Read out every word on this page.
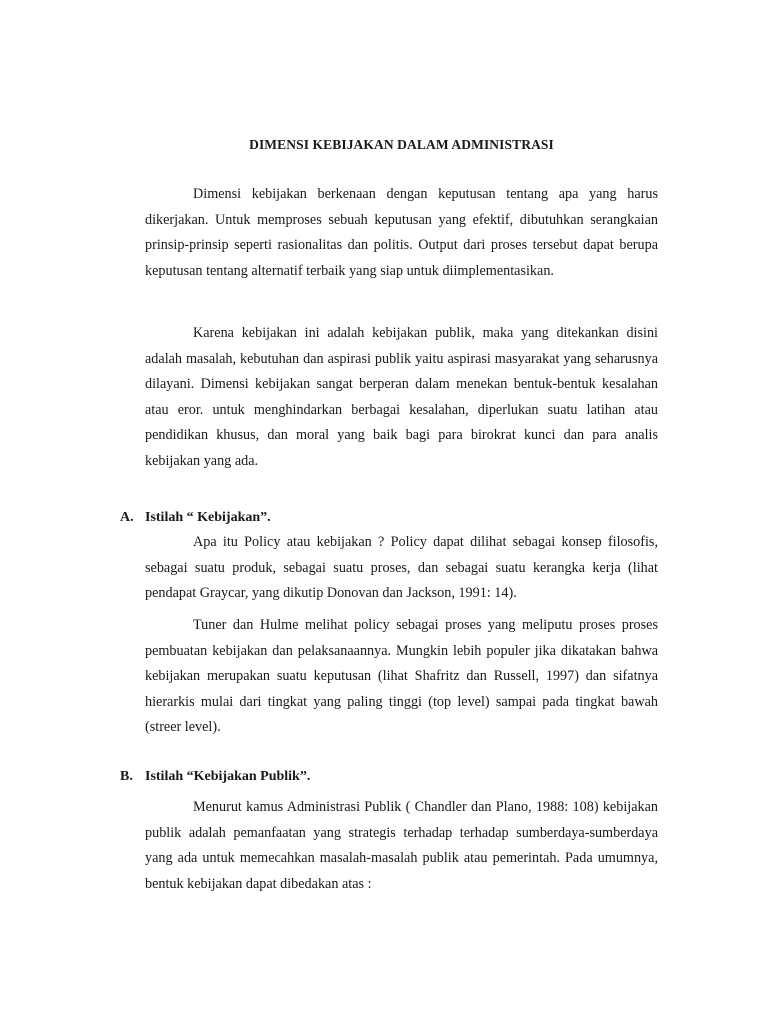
DIMENSI KEBIJAKAN DALAM ADMINISTRASI

Dimensi kebijakan berkenaan dengan keputusan tentang apa yang harus dikerjakan. Untuk memproses sebuah keputusan yang efektif, dibutuhkan serangkaian prinsip-prinsip seperti rasionalitas dan politis. Output dari proses tersebut dapat berupa keputusan tentang alternatif terbaik yang siap untuk diimplementasikan.

Karena kebijakan ini adalah kebijakan publik, maka yang ditekankan disini adalah masalah, kebutuhan dan aspirasi publik yaitu aspirasi masyarakat yang seharusnya dilayani. Dimensi kebijakan sangat berperan dalam menekan bentuk-bentuk kesalahan atau eror. untuk menghindarkan berbagai kesalahan, diperlukan suatu latihan atau pendidikan khusus, dan moral yang baik bagi para birokrat kunci dan para analis kebijakan yang ada.

A. Istilah “ Kebijakan”.

Apa itu Policy atau kebijakan ? Policy dapat dilihat sebagai konsep filosofis, sebagai suatu produk, sebagai suatu proses, dan sebagai suatu kerangka kerja (lihat pendapat Graycar, yang dikutip Donovan dan Jackson, 1991: 14).

Tuner dan Hulme melihat policy sebagai proses yang meliputu proses proses pembuatan kebijakan dan pelaksanaannya. Mungkin lebih populer jika dikatakan bahwa kebijakan merupakan suatu keputusan (lihat Shafritz dan Russell, 1997) dan sifatnya hierarkis mulai dari tingkat yang paling tinggi (top level) sampai pada tingkat bawah (streer level).

B. Istilah “Kebijakan Publik”.

Menurut kamus Administrasi Publik ( Chandler dan Plano, 1988: 108) kebijakan publik adalah pemanfaatan yang strategis terhadap terhadap sumberdaya-sumberdaya yang ada untuk memecahkan masalah-masalah publik atau pemerintah. Pada umumnya, bentuk kebijakan dapat dibedakan atas :
